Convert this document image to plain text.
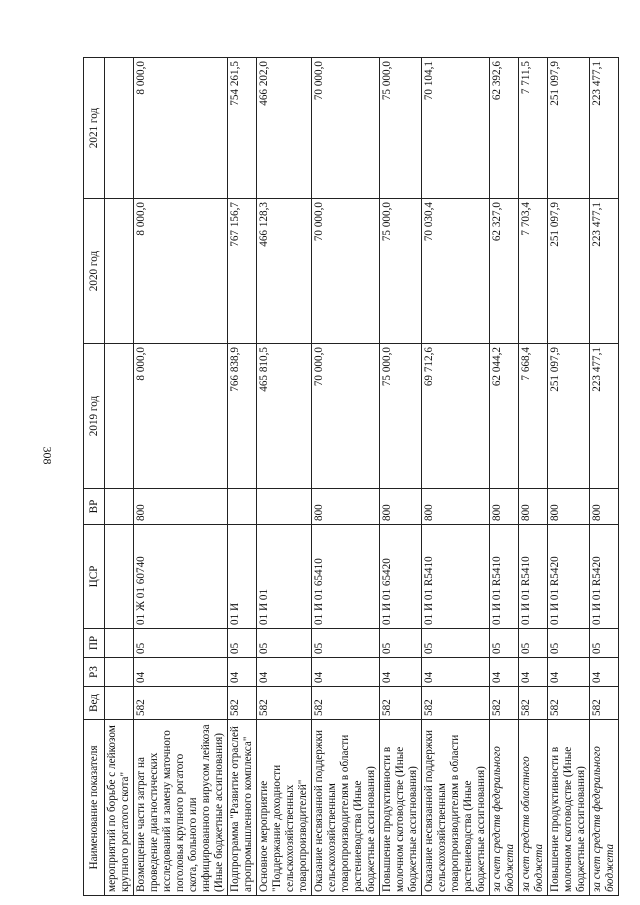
308
Наименование показателя	Вед	РЗ	ПР	ЦСР	ВР	2019 год	2020 год	2021 год
мероприятий по борьбе с лейкозом крупного рогатого скота"								
Возмещение части затрат на проведение диагностических исследований и замену маточного поголовья крупного рогатого скота, больного или инфицированного вирусом лейкоза (Иные бюджетные ассигнования)	582	04	05	01 Ж 01 60740	800	8 000,0	8 000,0	8 000,0
Подпрограмма "Развитие отраслей агропромышленного комплекса"	582	04	05	01 И		766 838,9	767 156,7	754 261,5
Основное мероприятие "Поддержание доходности сельскохозяйственных товаропроизводителей"	582	04	05	01 И 01		465 810,5	466 128,3	466 202,0
Оказание несвязанной поддержки сельскохозяйственным товаропроизводителям в области растениеводства (Иные бюджетные ассигнования)	582	04	05	01 И 01 65410	800	70 000,0	70 000,0	70 000,0
Повышение продуктивности в молочном скотоводстве (Иные бюджетные ассигнования)	582	04	05	01 И 01 65420	800	75 000,0	75 000,0	75 000,0
Оказание несвязанной поддержки сельскохозяйственным товаропроизводителям в области растениеводства (Иные бюджетные ассигнования)	582	04	05	01 И 01 R5410	800	69 712,6	70 030,4	70 104,1
за счет средств федерального бюджета	582	04	05	01 И 01 R5410	800	62 044,2	62 327,0	62 392,6
за счет средств областного бюджета	582	04	05	01 И 01 R5410	800	7 668,4	7 703,4	7 711,5
Повышение продуктивности в молочном скотоводстве (Иные бюджетные ассигнования)	582	04	05	01 И 01 R5420	800	251 097,9	251 097,9	251 097,9
за счет средств федерального бюджета	582	04	05	01 И 01 R5420	800	223 477,1	223 477,1	223 477,1
